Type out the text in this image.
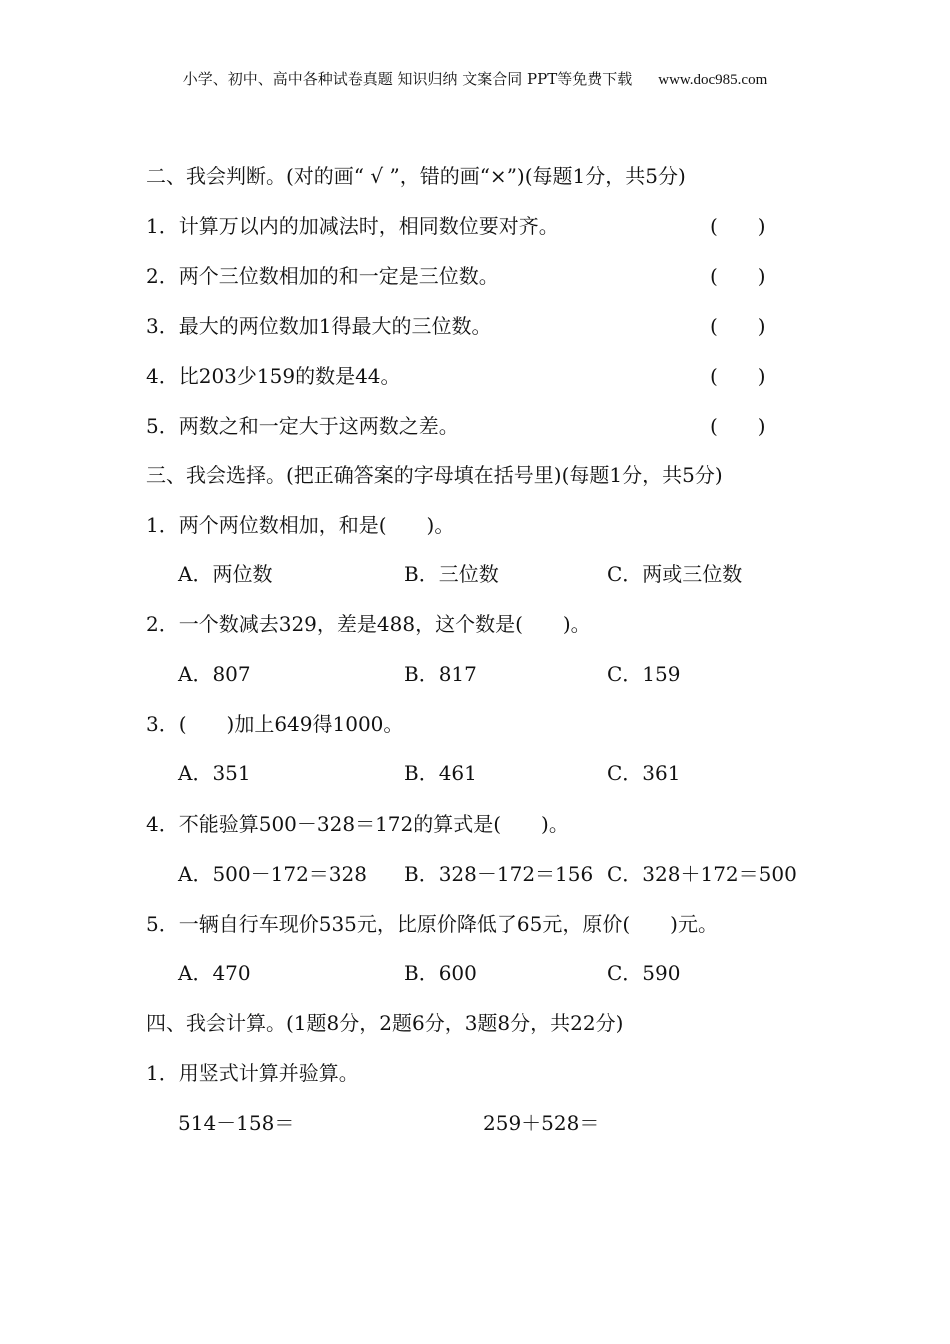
小学、初中、高中各种试卷真题 知识归纳 文案合同 PPT等免费下载 www.doc985.com
二、我会判断。(对的画“ √ ”，错的画“×”)(每题1分，共5分)
1．计算万以内的加减法时，相同数位要对齐。	(　　)
2．两个三位数相加的和一定是三位数。	(　　)
3．最大的两位数加1得最大的三位数。	(　　)
4．比203少159的数是44。	(　　)
5．两数之和一定大于这两数之差。	(　　)
三、我会选择。(把正确答案的字母填在括号里)(每题1分，共5分)
1．两个两位数相加，和是(　　)。
A．两位数	B．三位数	C．两或三位数
2．一个数减去329，差是488，这个数是(　　)。
A．807	B．817	C．159
3．(　　)加上649得1000。
A．351	B．461	C．361
4．不能验算500－328＝172的算式是(　　)。
A．500－172＝328 B．328－172＝156 C．328＋172＝500
5．一辆自行车现价535元，比原价降低了65元，原价(　　)元。
A．470	B．600	C．590
四、我会计算。(1题8分，2题6分，3题8分，共22分)
1．用竖式计算并验算。
514－158＝	259＋528＝
